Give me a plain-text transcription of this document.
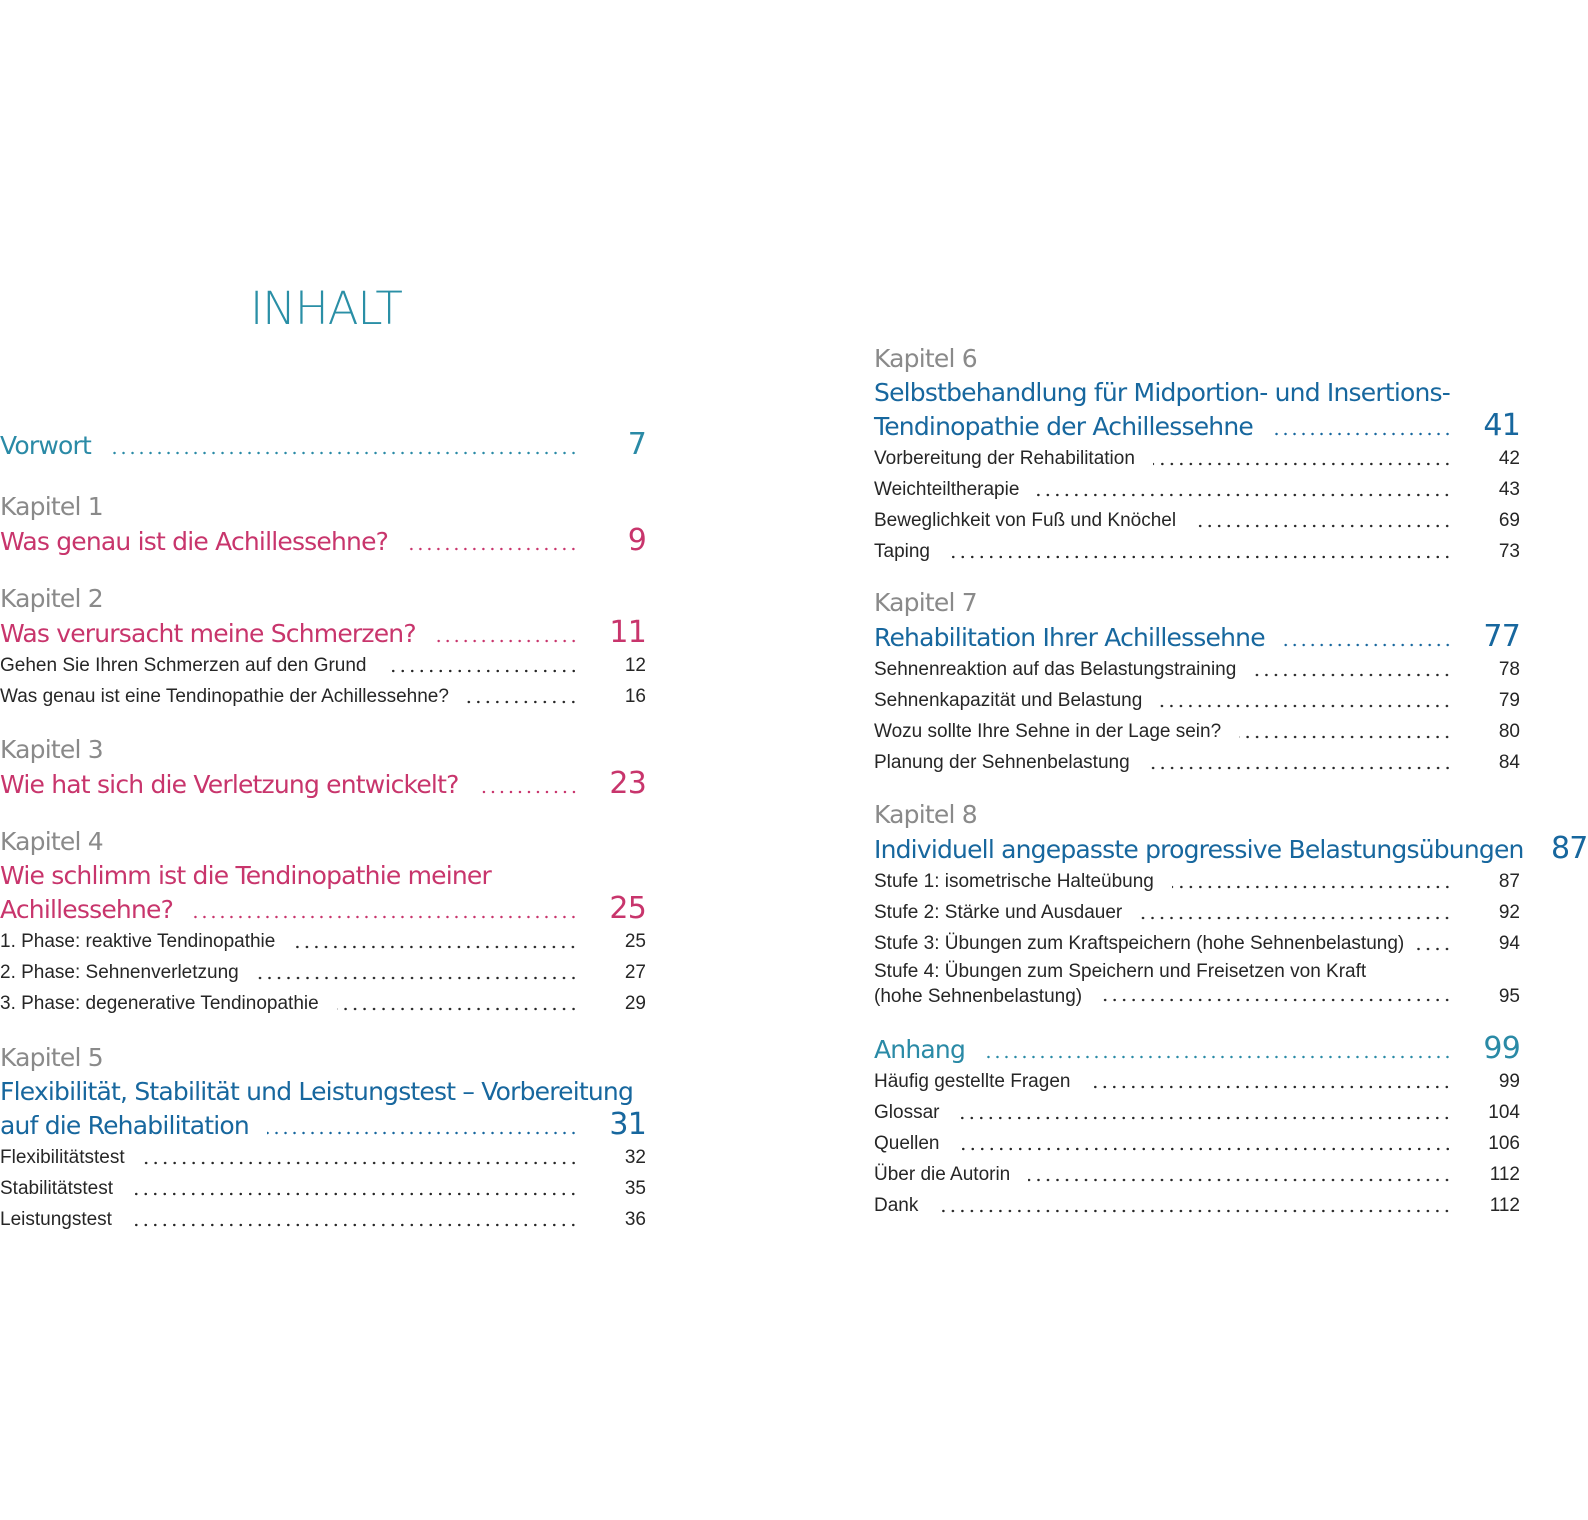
INHALT
Vorwort	7
Kapitel 1
Was genau ist die Achillessehne?	9
Kapitel 2
Was verursacht meine Schmerzen?	11
Gehen Sie Ihren Schmerzen auf den Grund	12
Was genau ist eine Tendinopathie der Achillessehne?	16
Kapitel 3
Wie hat sich die Verletzung entwickelt?	23
Kapitel 4
Wie schlimm ist die Tendinopathie meiner
Achillessehne?	25
1. Phase: reaktive Tendinopathie	25
2. Phase: Sehnenverletzung	27
3. Phase: degenerative Tendinopathie	29
Kapitel 5
Flexibilität, Stabilität und Leistungstest – Vorbereitung
auf die Rehabilitation	31
Flexibilitätstest	32
Stabilitätstest	35
Leistungstest	36
Kapitel 6
Selbstbehandlung für Midportion- und Insertions-
Tendinopathie der Achillessehne	41
Vorbereitung der Rehabilitation	42
Weichteiltherapie	43
Beweglichkeit von Fuß und Knöchel	69
Taping	73
Kapitel 7
Rehabilitation Ihrer Achillessehne	77
Sehnenreaktion auf das Belastungstraining	78
Sehnenkapazität und Belastung	79
Wozu sollte Ihre Sehne in der Lage sein?	80
Planung der Sehnenbelastung	84
Kapitel 8
Individuell angepasste progressive Belastungsübungen 87
Stufe 1: isometrische Halteübung	87
Stufe 2: Stärke und Ausdauer	92
Stufe 3: Übungen zum Kraftspeichern (hohe Sehnenbelastung)	94
Stufe 4: Übungen zum Speichern und Freisetzen von Kraft
(hohe Sehnenbelastung)	95
Anhang	99
Häufig gestellte Fragen	99
Glossar	104
Quellen	106
Über die Autorin	112
Dank	112
